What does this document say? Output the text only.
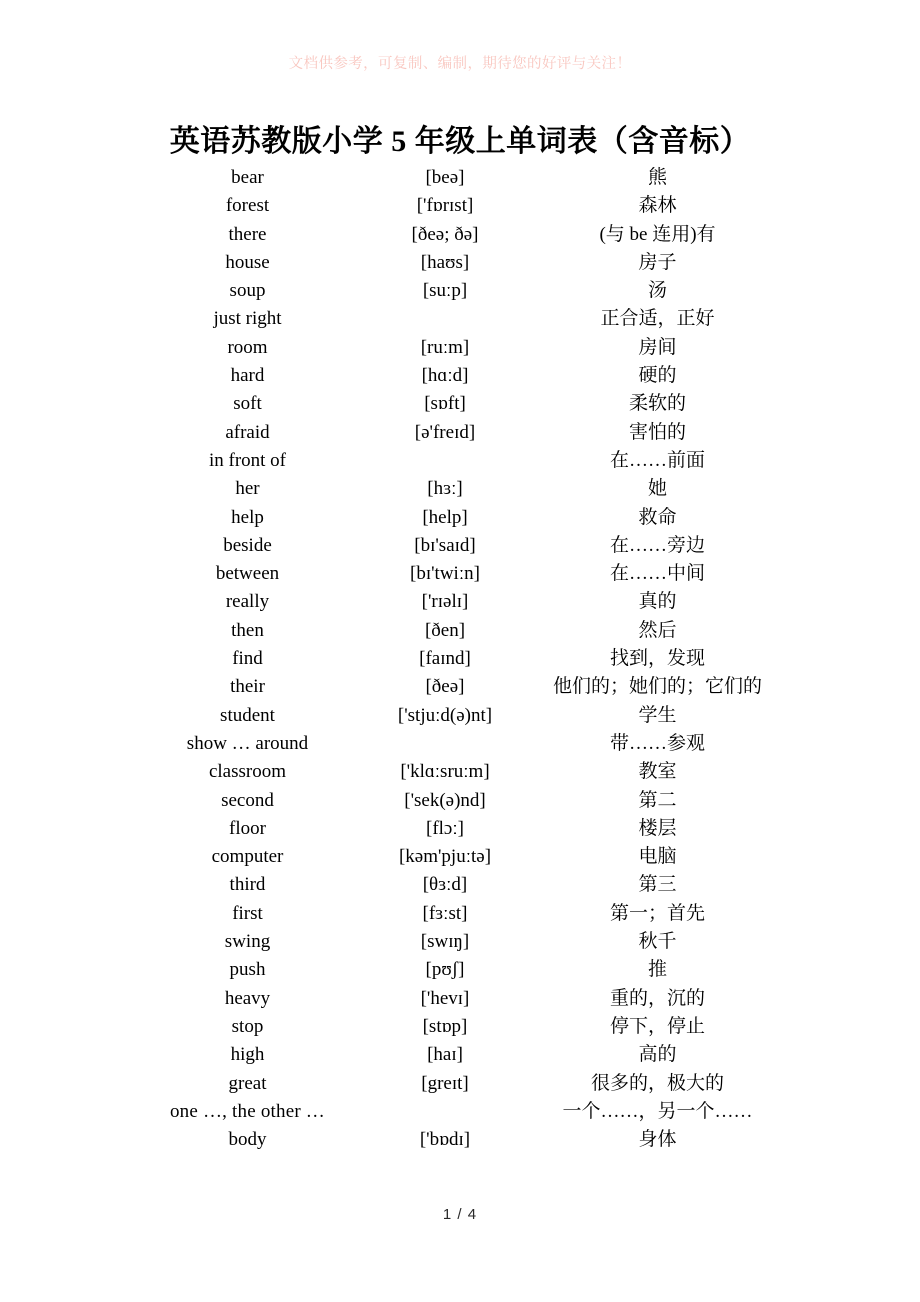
文档供参考，可复制、编制，期待您的好评与关注！
英语苏教版小学 5 年级上单词表（含音标）
bear	[beə]	熊
forest	['fɒrɪst]	森林
there	[ðeə; ðə]	(与 be 连用)有
house	[haʊs]	房子
soup	[suːp]	汤
just right		正合适，正好
room	[ruːm]	房间
hard	[hɑːd]	硬的
soft	[sɒft]	柔软的
afraid	[ə'freɪd]	害怕的
in front of		在……前面
her	[hɜː]	她
help	[help]	救命
beside	[bɪ'saɪd]	在……旁边
between	[bɪ'twiːn]	在……中间
really	['rɪəlɪ]	真的
then	[ðen]	然后
find	[faɪnd]	找到，发现
their	[ðeə]	他们的；她们的；它们的
student	['stjuːd(ə)nt]	学生
show … around		带……参观
classroom	['klɑːsruːm]	教室
second	['sek(ə)nd]	第二
floor	[flɔː]	楼层
computer	[kəm'pjuːtə]	电脑
third	[θɜːd]	第三
first	[fɜːst]	第一；首先
swing	[swɪŋ]	秋千
push	[pʊʃ]	推
heavy	['hevɪ]	重的，沉的
stop	[stɒp]	停下，停止
high	[haɪ]	高的
great	[greɪt]	很多的，极大的
one …, the other …		一个……，另一个……
body	['bɒdɪ]	身体
1 / 4
